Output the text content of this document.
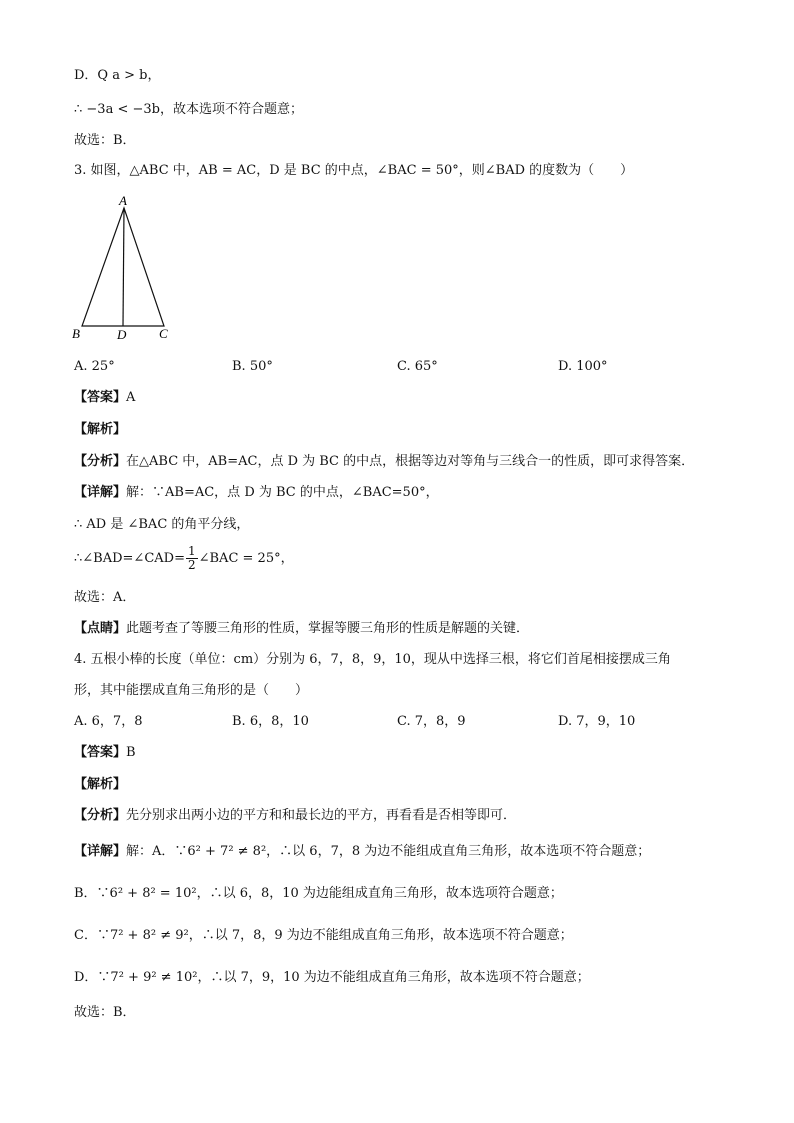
D．Q a > b，
∴ −3a < −3b，故本选项不符合题意；
故选：B．
3. 如图，△ABC 中，AB = AC，D 是 BC 的中点，∠BAC = 50°，则∠BAD 的度数为（　　）
A
B	D	C
A. 25°	B. 50°	C. 65°	D. 100°
【答案】A
【解析】
【分析】在△ABC 中，AB=AC，点 D 为 BC 的中点，根据等边对等角与三线合一的性质，即可求得答案．
【详解】解：∵AB=AC，点 D 为 BC 的中点，∠BAC=50°，
∴ AD 是 ∠BAC 的角平分线，
∴∠BAD=∠CAD= $\frac{1}{2}$ ∠BAC = 25°，
故选：A．
【点睛】此题考查了等腰三角形的性质，掌握等腰三角形的性质是解题的关键．
4. 五根小棒的长度（单位：cm）分别为 6，7，8，9，10，现从中选择三根，将它们首尾相接摆成三角
形，其中能摆成直角三角形的是（　　）
A. 6，7，8	B. 6，8，10	C. 7，8，9	D. 7，9，10
【答案】B
【解析】
【分析】先分别求出两小边的平方和和最长边的平方，再看看是否相等即可．
【详解】解：A．∵6² + 7² ≠ 8²，∴以 6，7，8 为边不能组成直角三角形，故本选项不符合题意；
B．∵6² + 8² = 10²，∴以 6，8，10 为边能组成直角三角形，故本选项符合题意；
C．∵7² + 8² ≠ 9²，∴以 7，8，9 为边不能组成直角三角形，故本选项不符合题意；
D．∵7² + 9² ≠ 10²，∴以 7，9，10 为边不能组成直角三角形，故本选项不符合题意；
故选：B．
